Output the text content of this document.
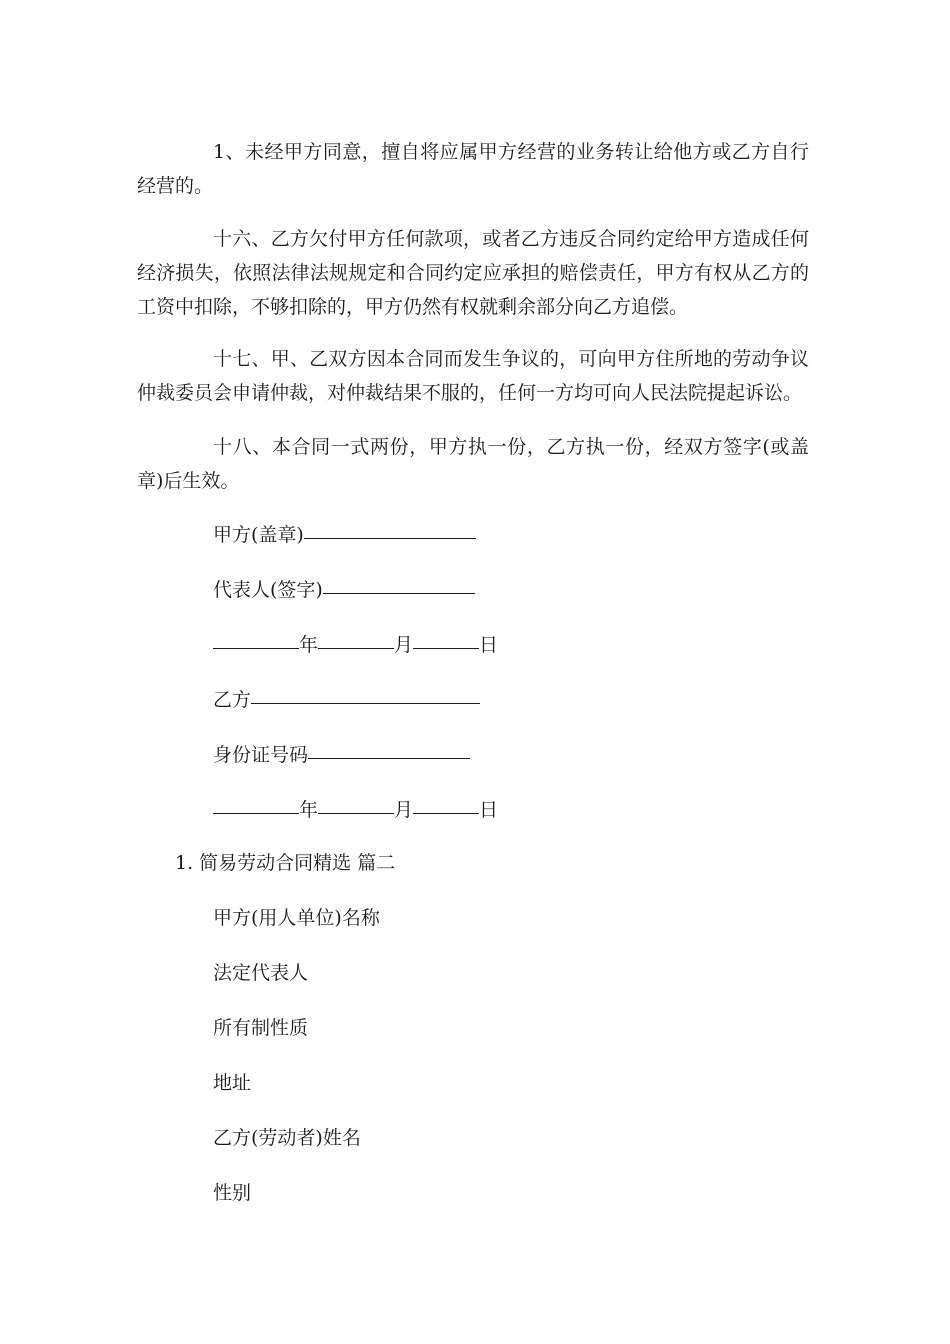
1、未经甲方同意，擅自将应属甲方经营的业务转让给他方或乙方自行经营的。
十六、乙方欠付甲方任何款项，或者乙方违反合同约定给甲方造成任何经济损失，依照法律法规规定和合同约定应承担的赔偿责任，甲方有权从乙方的工资中扣除，不够扣除的，甲方仍然有权就剩余部分向乙方追偿。
十七、甲、乙双方因本合同而发生争议的，可向甲方住所地的劳动争议仲裁委员会申请仲裁，对仲裁结果不服的，任何一方均可向人民法院提起诉讼。
十八、本合同一式两份，甲方执一份，乙方执一份，经双方签字(或盖章)后生效。
甲方(盖章)
代表人(签字)
年	月	日
乙方
身份证号码
年	月	日
1. 简易劳动合同精选 篇二
甲方(用人单位)名称
法定代表人
所有制性质
地址
乙方(劳动者)姓名
性别
